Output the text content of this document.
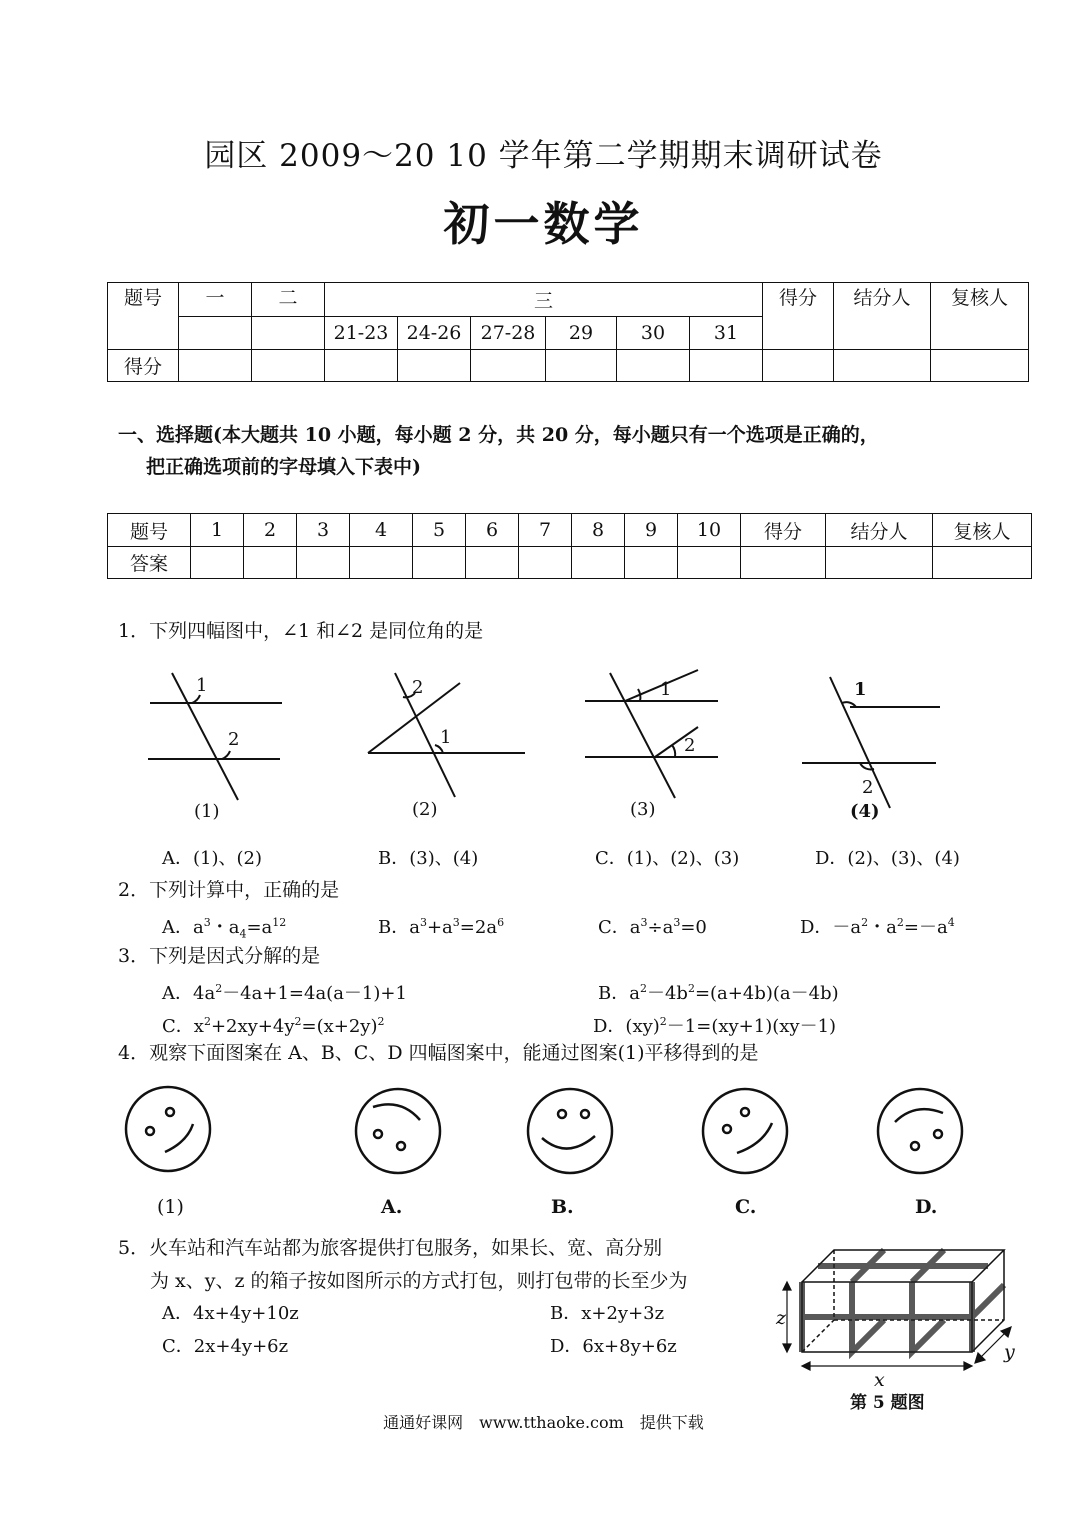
园区 2009～20 10 学年第二学期期末调研试卷
初一数学
题号	一	二	三						得分	结分人	复核人
			21-23	24-26	27-28	29	30	31			
得分											
一、选择题(本大题共 10 小题，每小题 2 分，共 20 分，每小题只有一个选项是正确的，
把正确选项前的字母填入下表中)
题号	1	2	3	4	5	6	7	8	9	10	得分	结分人	复核人
答案													
1．下列四幅图中，∠1 和∠2 是同位角的是
1
2
2
1
1
2
1
2
(1)	(2)	(3)	(4)
A．(1)、(2)	B．(3)、(4)	C．(1)、(2)、(3)	D．(2)、(3)、(4)
2．下列计算中，正确的是
A．$a^3$・$a_4=a^{12}$	B．$a^3+a^3=2a^6$	C．$a^3\div a^3=0$	D．$-a^2$・$a^2=-a^4$
3．下列是因式分解的是
A．$4a^2-4a+1=4a(a-1)+1$	B．$a^2-4b^2=(a+4b)(a-4b)$
C．$x^2+2xy+4y^2=(x+2y)^2$	D．(xy)$^2$－1=(xy+1)(xy－1)
4．观察下面图案在 A、B、C、D 四幅图案中，能通过图案(1)平移得到的是
(1)	A.	B.	C.	D.
5．火车站和汽车站都为旅客提供打包服务，如果长、宽、高分别
为 x、y、z 的箱子按如图所示的方式打包，则打包带的长至少为
A．4x+4y+10z	B．x+2y+3z
C．2x+4y+6z	D．6x+8y+6z
z
x
y
第 5 题图
通通好课网　www.tthaoke.com　提供下载
